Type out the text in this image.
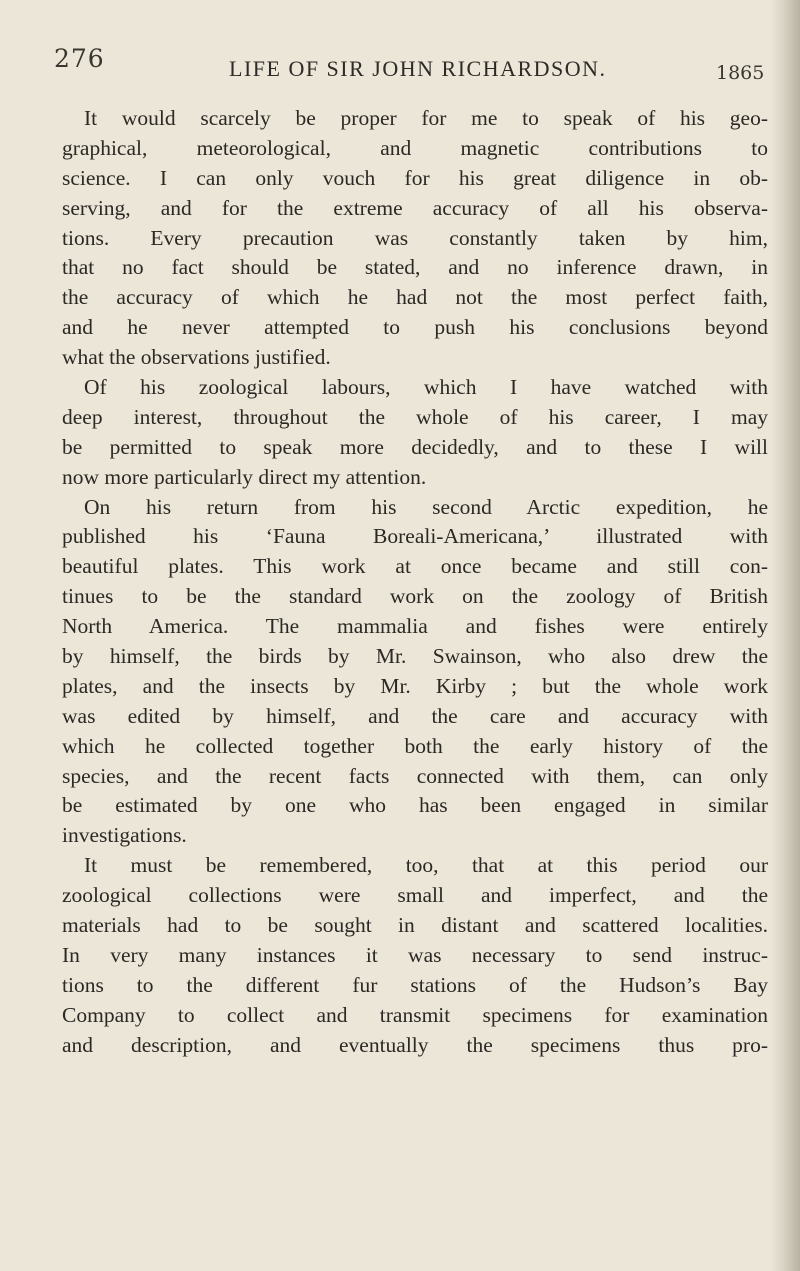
276	LIFE OF SIR JOHN RICHARDSON.	1865
It would scarcely be proper for me to speak of his geo-
graphical, meteorological, and magnetic contributions to
science. I can only vouch for his great diligence in ob-
serving, and for the extreme accuracy of all his observa-
tions. Every precaution was constantly taken by him,
that no fact should be stated, and no inference drawn, in
the accuracy of which he had not the most perfect faith,
and he never attempted to push his conclusions beyond
what the observations justified.
Of his zoological labours, which I have watched with
deep interest, throughout the whole of his career, I may
be permitted to speak more decidedly, and to these I will
now more particularly direct my attention.
On his return from his second Arctic expedition, he
published his ‘Fauna Boreali-Americana,’ illustrated with
beautiful plates. This work at once became and still con-
tinues to be the standard work on the zoology of British
North America. The mammalia and fishes were entirely
by himself, the birds by Mr. Swainson, who also drew the
plates, and the insects by Mr. Kirby ; but the whole work
was edited by himself, and the care and accuracy with
which he collected together both the early history of the
species, and the recent facts connected with them, can only
be estimated by one who has been engaged in similar
investigations.
It must be remembered, too, that at this period our
zoological collections were small and imperfect, and the
materials had to be sought in distant and scattered localities.
In very many instances it was necessary to send instruc-
tions to the different fur stations of the Hudson’s Bay
Company to collect and transmit specimens for examination
and description, and eventually the specimens thus pro-
